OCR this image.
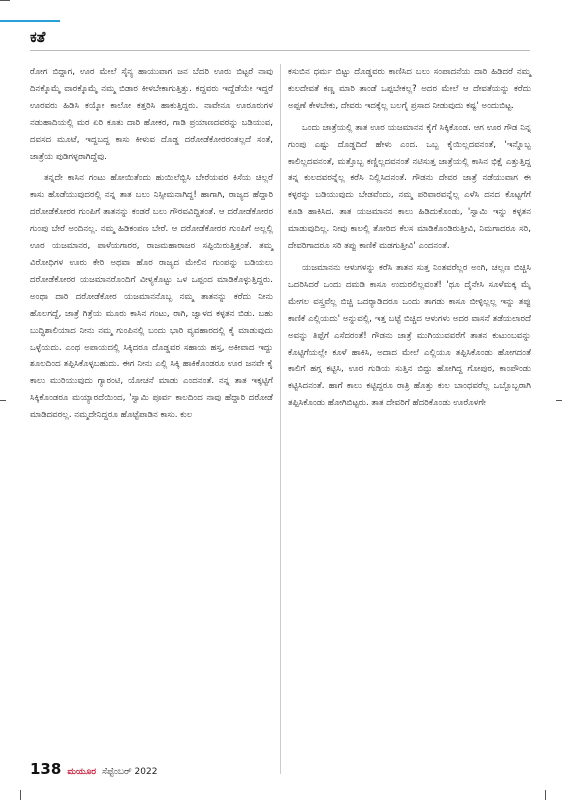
ಕತೆ

ರೋಗ ಬಿದ್ದಾಗ, ಊರ ಮೇಲೆ ಸೈನ್ಯ ಹಾಯುವಾಗ ಜನ ಬೆದರಿ ಊರು ಬಿಟ್ಟರೆ ನಾವು ದಿನಕ್ಕೊಮ್ಮೆ ವಾರಕ್ಕೊಮ್ಮೆ ನಮ್ಮ ಬಿಡಾರ ಕೀಳಬೇಕಾಗುತ್ತಿತ್ತು. ಕದ್ದವರು ಇದ್ದೆಡೆಯೇ ಇದ್ದರೆ ಊರವರು ಹಿಡಿಸಿ ಕಯ್ಕೋ ಕಾಲೋ ಕತ್ತರಿಸಿ ಹಾಕುತ್ತಿದ್ದರು. ನಾವೇನೂ ಊರೂರುಗಳ ನಡುಹಾದಿಯಲ್ಲಿ ಮರ ಏರಿ ಕೂತು ದಾರಿ ಹೋಕರ, ಗಾಡಿ ಪ್ರಯಾಣದವರನ್ನು ಬಡಿಯುವ, ದವಸದ ಮೂಟೆ, ಇದ್ದಬದ್ದ ಕಾಸು ಕೀಳುವ ದೊಡ್ಡ ದರೋಡೆಕೋರರಂತಲ್ಲದೆ ಸಂತೆ, ಜಾತ್ರೆಯ ಪುಡಿಗಳ್ಳರಾಗಿದ್ದೆವು.

ತನ್ನದೇ ಕಾಸಿನ ಗಂಟು ಹೋಯಿತೆಂದು ಹುಯಿಲೆಬ್ಬಿಸಿ ಬೇರೆಯವರ ಕಿಸೆಯ ಚಿಲ್ಲರೆ ಕಾಸು ಹೊಡೆಯುವುದರಲ್ಲಿ ನನ್ನ ತಾತ ಬಲು ನಿಸ್ಸೀಮನಾಗಿದ್ದ! ಹಾಗಾಗಿ, ರಾಜ್ಯದ ಹೆದ್ದಾರಿ ದರೋಡೆಕೋರರ ಗುಂಪಿಗೆ ತಾತನನ್ನು ಕಂಡರೆ ಬಲು ಗೌರವವಿದ್ದಿತಂತೆ. ಆ ದರೋಡೆಕೋರರ ಗುಂಪು ಬೇರೆ ಅಂದಿನಲ್ಲ. ನಮ್ಮ ಹಿಡಿಕಂಪಣ ಬೇರೆ. ಆ ದರೋಡೆಕೋರರ ಗುಂಪಿಗೆ ಅಲ್ಲಲ್ಲಿ ಊರ ಯಜಮಾನರ, ಪಾಳೆಯಗಾರರ, ರಾಜಮಹಾರಾಜರ ಸಪ್ಪಿಯಿರುತ್ತಿತ್ತಂತೆ. ತಮ್ಮ ವಿರೋಧಿಗಳ ಊರು ಕೇರಿ ಅಥವಾ ಹೊರ ರಾಜ್ಯದ ಮೇಲಿನ ಗುಂಪನ್ನು ಬಡಿಯಲು ದರೋಡೆಕೋರರ ಯಜಮಾನರೊಂದಿಗೆ ವೀಳ್ಯಕೊಟ್ಟು ಒಳ ಒಪ್ಪಂದ ಮಾಡಿಕೊಳ್ಳುತ್ತಿದ್ದರು. ಅಂಥಾ ದಾರಿ ದರೋಡೆಕೋರ ಯಜಮಾನನೊಬ್ಬ ನಮ್ಮ ತಾತನನ್ನು ಕರೆದು ನೀನು ಹೊಲಗದ್ದೆ, ಜಾತ್ರೆ ಗಿತ್ರೆಯ ಮೂರು ಕಾಸಿನ ಗಂಟು, ರಾಗಿ, ಜ್ವಾಳದ ಕಳ್ಳತನ ಬಿಡು. ಬಹು ಬುದ್ಧಿಶಾಲಿಯಾದ ನೀನು ನಮ್ಮ ಗುಂಪಿನಲ್ಲಿ ಬಂದು ಭಾರಿ ವ್ಯವಹಾರದಲ್ಲಿ ಕೈ ಮಾಡುವುದು ಒಳ್ಳೆಯದು. ಎಂಥ ಅಪಾಯದಲ್ಲಿ ಸಿಕ್ಕಿದರೂ ದೊಡ್ಡವರ ಸಹಾಯ ಹಸ್ತ, ಅಕೀವಾದ ಇದ್ದು ಶೂಲದಿಂದ ತಪ್ಪಿಸಿಕೊಳ್ಳಬಹುದು. ಈಗ ನೀನು ಎಲ್ಲಿ ಸಿಕ್ಕಿ ಹಾಕಿಕೊಂಡರೂ ಊರ ಜನವೇ ಕೈ ಕಾಲು ಮುರಿಯುವುದು ಗ್ಯಾರಂಟಿ, ಯೋಚನೆ ಮಾಡು ಎಂದನಂತೆ. ನನ್ನ ತಾತ ಇಕ್ಕಟ್ಟಿಗೆ ಸಿಕ್ಕಿಕೊಂಡರೂ ಮಯ್ಯಾರದೆಯಿಂದ, 'ಸ್ವಾಮಿ ಪೂರ್ವ ಕಾಲದಿಂದ ನಾವು ಹೆದ್ದಾರಿ ದರೋಡೆ ಮಾಡಿದವರಲ್ಲ. ನಮ್ಮದೇನಿದ್ದರೂ ಹೊಟ್ಟೆಪಾಡಿನ ಕಾಸು. ಕುಲ

ಕಸುಬಿನ ಧರ್ಮ ಬಿಟ್ಟು ದೊಡ್ಡವರು ಕಾಣಿಸಿದ ಬಲು ಸಂಪಾದನೆಯ ದಾರಿ ಹಿಡಿದರೆ ನಮ್ಮ ಕುಲದೇವತೆ ಕಣ್ಣ ಮಾರಿ ತಾಂಡೆ ಒಪ್ಪಬೇಕಲ್ಲ? ಅದರ ಮೇಲೆ ಆ ದೇವತೆಯನ್ನು ಕರೆದು ಅಪ್ಪಣೆ ಕೇಳಬೇಕು, ದೇವರು ಇದಕ್ಕೆಲ್ಲ ಬಲಗೈ ಪ್ರಸಾದ ನೀಡುವುದು ಕಷ್ಟ' ಅಂದುಬಿಟ್ಟ.

ಒಂದು ಜಾತ್ರೆಯಲ್ಲಿ ತಾತ ಊರ ಯಜಮಾನನ ಕೈಗೆ ಸಿಕ್ಕಿಕೊಂಡ. ಆಗ ಊರ ಗೌಡ ನಿನ್ನ ಗುಂಪು ಎಷ್ಟು ದೊಡ್ಡದಿದೆ ಹೇಳು ಎಂದ. ಒಬ್ಬ ಕೈಯಿಲ್ಲದವನಂತೆ, 'ಇನ್ನೊಬ್ಬ ಕಾಲಿಲ್ಲದವನಂತೆ, ಮತ್ತೊಬ್ಬ ಕಣ್ಣಿಲ್ಲದವನಂತೆ ನಟಿಸುತ್ತ ಜಾತ್ರೆಯಲ್ಲಿ ಕಾಸಿನ ಭಿಕ್ಷೆ ಎತ್ತುತ್ತಿದ್ದ ತನ್ನ ಕುಲದವರನ್ನೆಲ್ಲ ಕರೆಸಿ ನಿಲ್ಲಿಸಿದನಂತೆ. ಗೌಡನು ದೇವರ ಜಾತ್ರೆ ನಡೆಯುವಾಗ ಈ ಕಳ್ಳರನ್ನು ಬಡಿಯುವುದು ಬೇಡವೆಂದು, ನಮ್ಮ ಪರಿವಾರವನ್ನೆಲ್ಲ ಎಳೆಸಿ ದನದ ಕೊಟ್ಟಗೆಗೆ ಕೂಡಿ ಹಾಕಿಸಿದ. ತಾತ ಯಜಮಾನನ ಕಾಲು ಹಿಡಿದುಕೊಂಡು, 'ಸ್ವಾಮಿ ಇನ್ನು ಕಳ್ಳತನ ಮಾಡುವುದಿಲ್ಲ. ನೀವು ಕಾಲಲ್ಲಿ ತೋರಿದ ಕೆಲಸ ಮಾಡಿಕೊಂಡಿರುತ್ತೀವಿ, ನಿಮಗಾದರೂ ಸರಿ, ದೇವರಿಗಾದರೂ ಸರಿ ತಪ್ಪು ಕಾಣಿಕೆ ಮಡಗುತ್ತೀವಿ' ಎಂದನಂತೆ.

ಯಜಮಾನನು ಆಳುಗಳನ್ನು ಕರೆಸಿ ತಾತನ ಸುತ್ತ ನಿಂತವರೆಲ್ಲರ ಅಂಗಿ, ಚಲ್ಲಣ ಬಿಚ್ಚಿಸಿ ಒದರಿಸಿದರೆ ಒಂದು ದಮಡಿ ಕಾಸೂ ಉದುರಲಿಲ್ಲವಂತೆ! 'ಥೂ ದೈನೇಸಿ ಸೂಳೆಮಕ್ಕ ಮೈ ಮೇಗಲ ವಸ್ತ್ರವೆಲ್ಲ ಬಿಚ್ಚಿ ಒದರ್‍ಯಾಡಿದರೂ ಒಂದು ತಾಗಡು ಕಾಸೂ ಬೀಳ್ಳಿಲ್ಲಲ್ಲ ಇನ್ನು ತಪ್ಪು ಕಾಣಿಕೆ ಎಲ್ಲಿಯದು' ಅನ್ನುವಲ್ಲಿ, ಇತ್ತ ಬಟ್ಟೆ ಬಿಚ್ಚಿದ ಆಳುಗಳು ಅದರ ವಾಸನೆ ತಡೆಯಲಾರದೆ ಅವನ್ನು ತಿಪ್ಪೆಗೆ ಎಸೆದರಂತೆ! ಗೌಡನು ಜಾತ್ರೆ ಮುಗಿಯುವವರೆಗೆ ತಾತನ ಕುಟುಂಬವನ್ನು ಕೊಟ್ಟಿಗೆಯಲ್ಲೇ ಕೂಳೆ ಹಾಕಿಸಿ, ಅದಾದ ಮೇಲೆ ಎಲ್ಲಿಯೂ ತಪ್ಪಿಸಿಕೊಂಡು ಹೋಗದಂತೆ ಕಾಲಿಗೆ ಹಗ್ಗ ಕಟ್ಟಿಸಿ, ಊರ ಗುಡಿಯ ಸುತ್ತಿನ ಬಿದ್ದು ಹೋಗಿದ್ದ ಗೋಪುರ, ಕಾಂಪೌಂಡು ಕಟ್ಟಿಸಿದನಂತೆ. ಹಾಗೆ ಕಾಲು ಕಟ್ಟಿದ್ದರೂ ರಾತ್ರಿ ಹೊತ್ತು ಕುಲ ಬಾಂಧವರೆಲ್ಲ ಒಬ್ಬೊಬ್ಬರಾಗಿ ತಪ್ಪಿಸಿಕೊಂಡು ಹೋಗಿಬಿಟ್ಟರು. ತಾತ ದೇವರಿಗೆ ಹೆದರಿಕೊಂಡು ಊರೊಳಗೇ

138 ಮಯೂರ ಸೆಪ್ಟೆಂಬರ್ 2022
